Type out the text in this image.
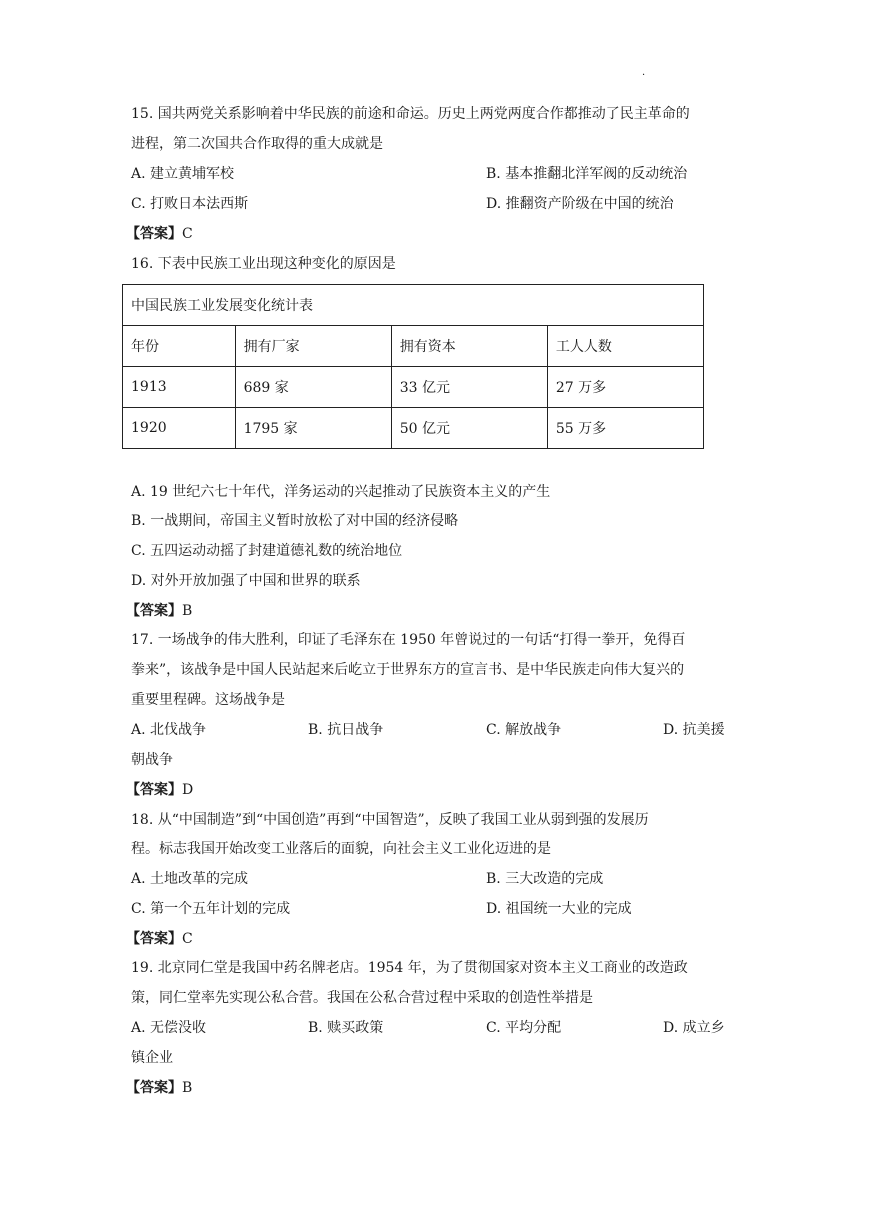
·
15. 国共两党关系影响着中华民族的前途和命运。历史上两党两度合作都推动了民主革命的
进程，第二次国共合作取得的重大成就是
A. 建立黄埔军校	B. 基本推翻北洋军阀的反动统治
C. 打败日本法西斯	D. 推翻资产阶级在中国的统治
【答案】C
16. 下表中民族工业出现这种变化的原因是
中国民族工业发展变化统计表			
年份	拥有厂家	拥有资本	工人人数
1913	689 家	33 亿元	27 万多
1920	1795 家	50 亿元	55 万多
A. 19 世纪六七十年代，洋务运动的兴起推动了民族资本主义的产生
B. 一战期间，帝国主义暂时放松了对中国的经济侵略
C. 五四运动动摇了封建道德礼数的统治地位
D. 对外开放加强了中国和世界的联系
【答案】B
17. 一场战争的伟大胜利，印证了毛泽东在 1950 年曾说过的一句话“打得一拳开，免得百
拳来”，该战争是中国人民站起来后屹立于世界东方的宣言书、是中华民族走向伟大复兴的
重要里程碑。这场战争是
A. 北伐战争	B. 抗日战争	C. 解放战争	D. 抗美援
朝战争
【答案】D
18. 从“中国制造”到“中国创造”再到“中国智造”，反映了我国工业从弱到强的发展历
程。标志我国开始改变工业落后的面貌，向社会主义工业化迈进的是
A. 土地改革的完成	B. 三大改造的完成
C. 第一个五年计划的完成	D. 祖国统一大业的完成
【答案】C
19. 北京同仁堂是我国中药名牌老店。1954 年，为了贯彻国家对资本主义工商业的改造政
策，同仁堂率先实现公私合营。我国在公私合营过程中采取的创造性举措是
A. 无偿没收	B. 赎买政策	C. 平均分配	D. 成立乡
镇企业
【答案】B
